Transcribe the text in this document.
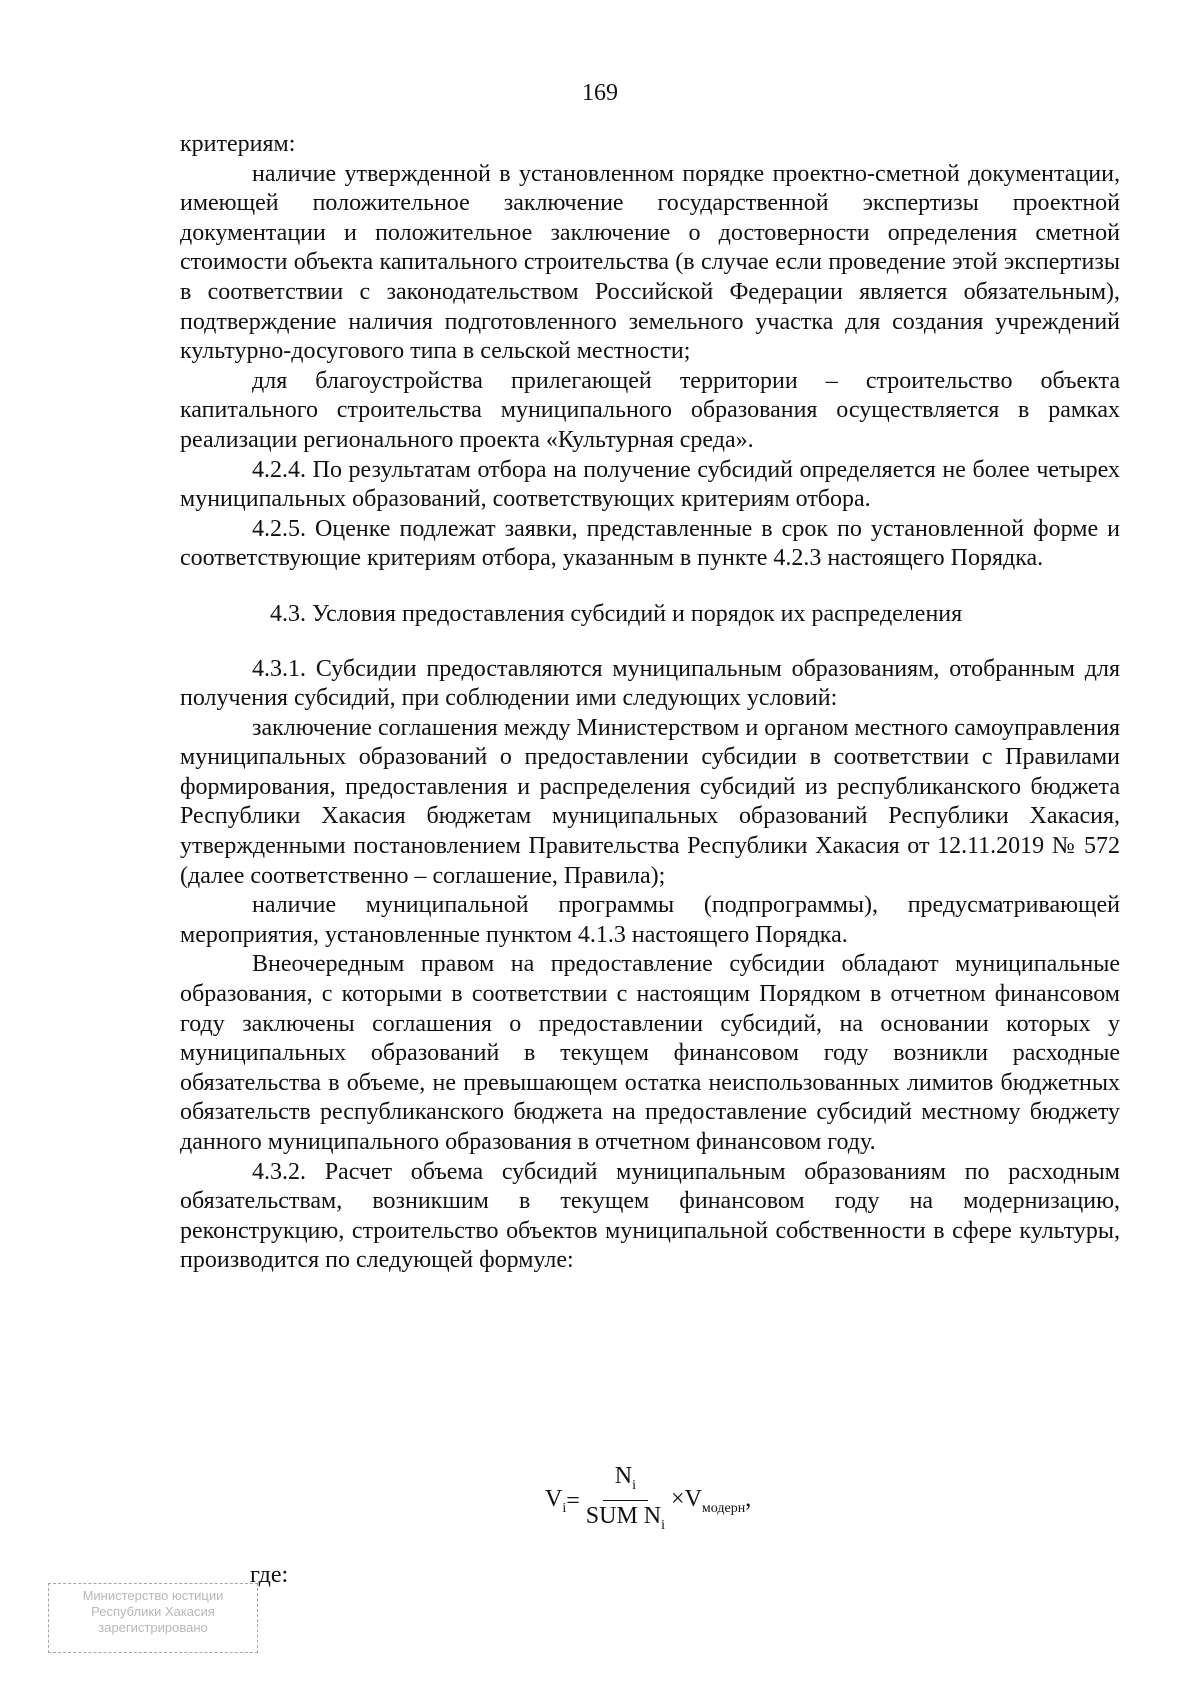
169

критериям:

наличие утвержденной в установленном порядке проектно-сметной документации, имеющей положительное заключение государственной экспертизы проектной документации и положительное заключение о достоверности определения сметной стоимости объекта капитального строительства (в случае если проведение этой экспертизы в соответствии с законодательством Российской Федерации является обязательным), подтверждение наличия подготовленного земельного участка для создания учреждений культурно-досугового типа в сельской местности;

для благоустройства прилегающей территории – строительство объекта капитального строительства муниципального образования осуществляется в рамках реализации регионального проекта «Культурная среда».

4.2.4. По результатам отбора на получение субсидий определяется не более четырех муниципальных образований, соответствующих критериям отбора.

4.2.5. Оценке подлежат заявки, представленные в срок по установленной форме и соответствующие критериям отбора, указанным в пункте 4.2.3 настоящего Порядка.

4.3. Условия предоставления субсидий и порядок их распределения

4.3.1. Субсидии предоставляются муниципальным образованиям, отобранным для получения субсидий, при соблюдении ими следующих условий:

заключение соглашения между Министерством и органом местного самоуправления муниципальных образований о предоставлении субсидии в соответствии с Правилами формирования, предоставления и распределения субсидий из республиканского бюджета Республики Хакасия бюджетам муниципальных образований Республики Хакасия, утвержденными постановлением Правительства Республики Хакасия от 12.11.2019 № 572 (далее соответственно – соглашение, Правила);

наличие муниципальной программы (подпрограммы), предусматривающей мероприятия, установленные пунктом 4.1.3 настоящего Порядка.

Внеочередным правом на предоставление субсидии обладают муниципальные образования, с которыми в соответствии с настоящим Порядком в отчетном финансовом году заключены соглашения о предоставлении субсидий, на основании которых у муниципальных образований в текущем финансовом году возникли расходные обязательства в объеме, не превышающем остатка неиспользованных лимитов бюджетных обязательств республиканского бюджета на предоставление субсидий местному бюджету данного муниципального образования в отчетном финансовом году.

4.3.2. Расчет объема субсидий муниципальным образованиям по расходным обязательствам, возникшим в текущем финансовом году на модернизацию, реконструкцию, строительство объектов муниципальной собственности в сфере культуры, производится по следующей формуле:

$V_i = \frac{N_i}{SUM N_i} \times V_{модерн}$,
где:
Министерство юстиции
Республики Хакасия
зарегистрировано
